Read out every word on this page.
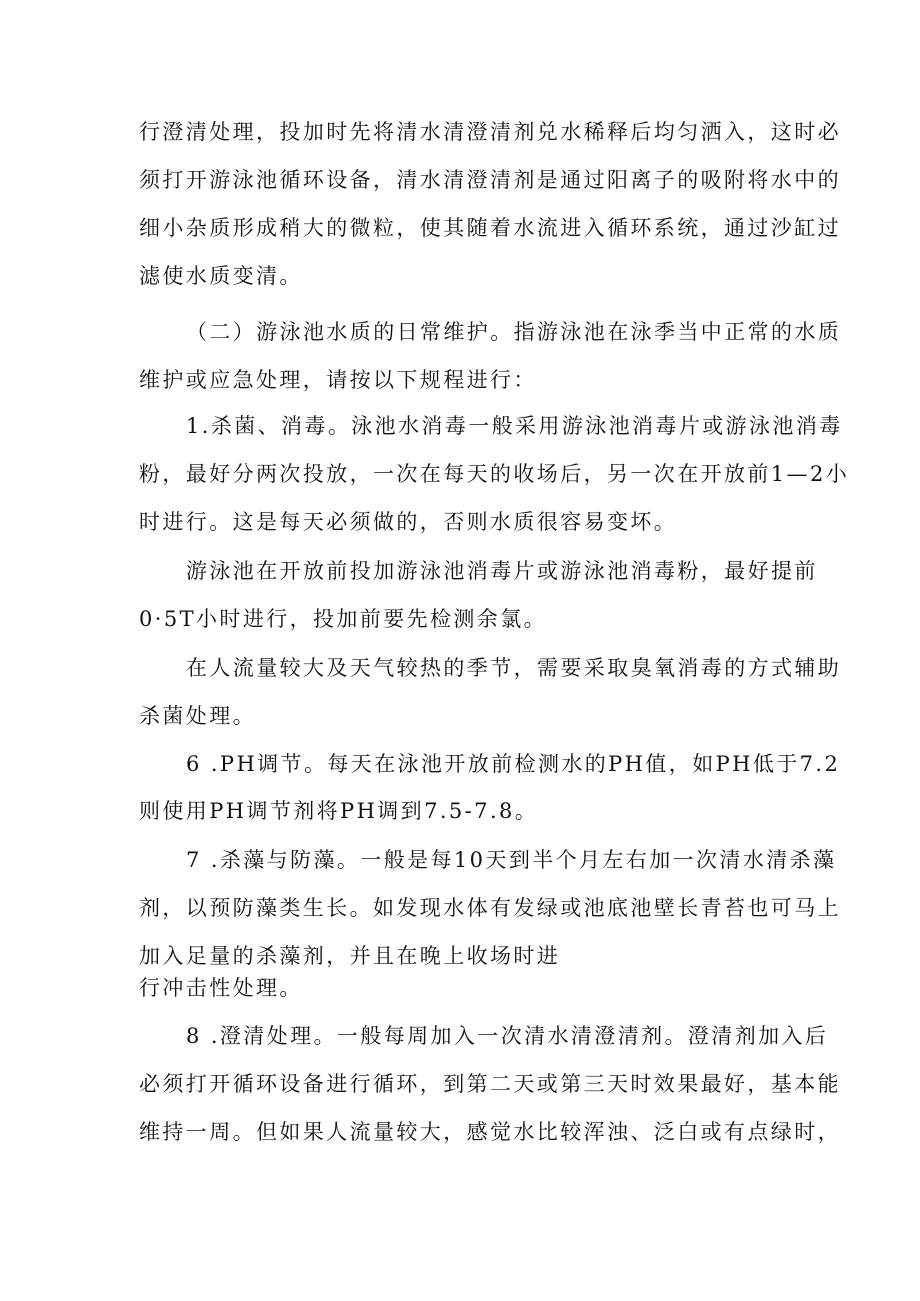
行澄清处理，投加时先将清水清澄清剂兑水稀释后均匀洒入，这时必
须打开游泳池循环设备，清水清澄清剂是通过阳离子的吸附将水中的
细小杂质形成稍大的微粒，使其随着水流进入循环系统，通过沙缸过
滤使水质变清。
（二）游泳池水质的日常维护。指游泳池在泳季当中正常的水质
维护或应急处理，请按以下规程进行：
1.杀菌、消毒。泳池水消毒一般采用游泳池消毒片或游泳池消毒
粉，最好分两次投放，一次在每天的收场后，另一次在开放前1—2小
时进行。这是每天必须做的，否则水质很容易变坏。
游泳池在开放前投加游泳池消毒片或游泳池消毒粉，最好提前
0·5T小时进行，投加前要先检测余氯。
在人流量较大及天气较热的季节，需要采取臭氧消毒的方式辅助
杀菌处理。
6 .PH调节。每天在泳池开放前检测水的PH值，如PH低于7.2
则使用PH调节剂将PH调到7.5-7.8。
7 .杀藻与防藻。一般是每10天到半个月左右加一次清水清杀藻
剂，以预防藻类生长。如发现水体有发绿或池底池壁长青苔也可马上
加入足量的杀藻剂，并且在晚上收场时进
行冲击性处理。
8 .澄清处理。一般每周加入一次清水清澄清剂。澄清剂加入后
必须打开循环设备进行循环，到第二天或第三天时效果最好，基本能
维持一周。但如果人流量较大，感觉水比较浑浊、泛白或有点绿时，
